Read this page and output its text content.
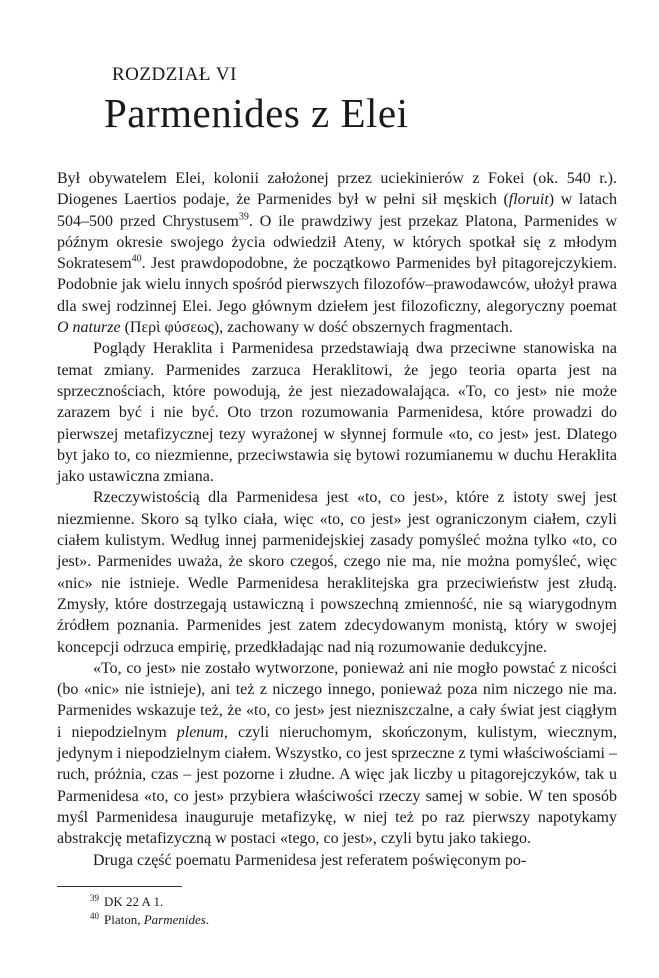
ROZDZIAŁ VI
Parmenides z Elei

Był obywatelem Elei, kolonii założonej przez uciekinierów z Fokei (ok. 540 r.). Diogenes Laertios podaje, że Parmenides był w pełni sił męskich (floruit) w latach 504–500 przed Chrystusem$^{39}$. O ile prawdziwy jest przekaz Platona, Parmenides w późnym okresie swojego życia odwiedził Ateny, w których spotkał się z młodym Sokratesem$^{40}$. Jest prawdopodobne, że początkowo Parmenides był pitagorejczykiem. Podobnie jak wielu innych spośród pierwszych filozofów–prawodawców, ułożył prawa dla swej rodzinnej Elei. Jego głównym dziełem jest filozoficzny, alegoryczny poemat O naturze (Περὶ φύσεως), zachowany w dość obszernych fragmentach.

Poglądy Heraklita i Parmenidesa przedstawiają dwa przeciwne stanowiska na temat zmiany. Parmenides zarzuca Heraklitowi, że jego teoria oparta jest na sprzecznościach, które powodują, że jest niezadowalająca. «To, co jest» nie może zarazem być i nie być. Oto trzon rozumowania Parmenidesa, które prowadzi do pierwszej metafizycznej tezy wyrażonej w słynnej formule «to, co jest» jest. Dlatego byt jako to, co niezmienne, przeciwstawia się bytowi rozumianemu w duchu Heraklita jako ustawiczna zmiana.

Rzeczywistością dla Parmenidesa jest «to, co jest», które z istoty swej jest niezmienne. Skoro są tylko ciała, więc «to, co jest» jest ograniczonym ciałem, czyli ciałem kulistym. Według innej parmenidejskiej zasady pomyśleć można tylko «to, co jest». Parmenides uważa, że skoro czegoś, czego nie ma, nie można pomyśleć, więc «nic» nie istnieje. Wedle Parmenidesa heraklitejska gra przeciwieństw jest złudą. Zmysły, które dostrzegają ustawiczną i powszechną zmienność, nie są wiarygodnym źródłem poznania. Parmenides jest zatem zdecydowanym monistą, który w swojej koncepcji odrzuca empirię, przedkładając nad nią rozumowanie dedukcyjne.

«To, co jest» nie zostało wytworzone, ponieważ ani nie mogło powstać z nicości (bo «nic» nie istnieje), ani też z niczego innego, ponieważ poza nim niczego nie ma. Parmenides wskazuje też, że «to, co jest» jest niezniszczalne, a cały świat jest ciągłym i niepodzielnym plenum, czyli nieruchomym, skończonym, kulistym, wiecznym, jedynym i niepodzielnym ciałem. Wszystko, co jest sprzeczne z tymi właściwościami – ruch, próżnia, czas – jest pozorne i złudne. A więc jak liczby u pitagorejczyków, tak u Parmenidesa «to, co jest» przybiera właściwości rzeczy samej w sobie. W ten sposób myśl Parmenidesa inauguruje metafizykę, w niej też po raz pierwszy napotykamy abstrakcję metafizyczną w postaci «tego, co jest», czyli bytu jako takiego.

Druga część poematu Parmenidesa jest referatem poświęconym po-

$^{39}$ DK 22 A 1.

$^{40}$ Platon, Parmenides.
